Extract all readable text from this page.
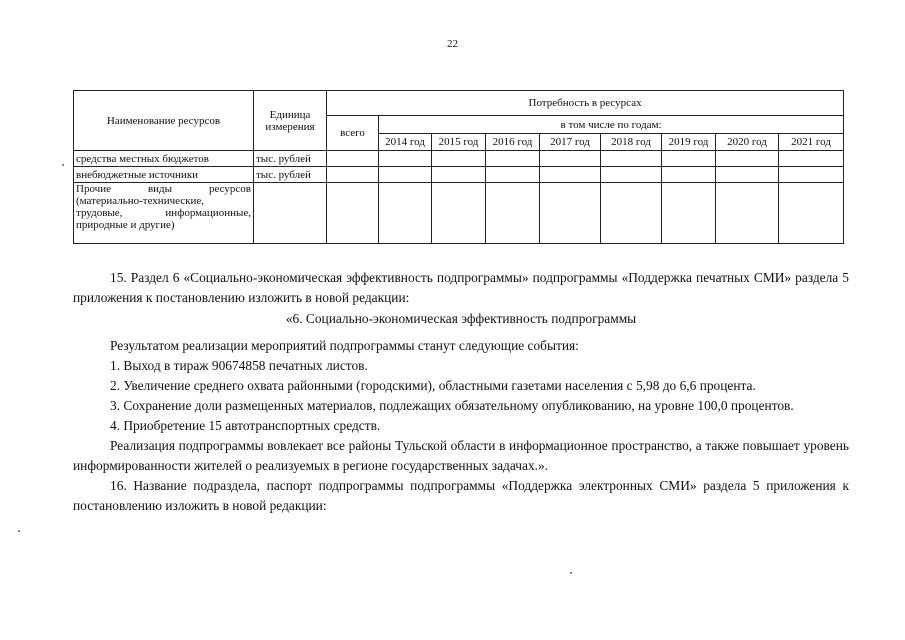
22
Наименование ресурсов	Единица измерения	Потребность в ресурсах								
		всего	в том числе по годам:							
			2014 год	2015 год	2016 год	2017 год	2018 год	2019 год	2020 год	2021 год
средства местных бюджетов	тыс. рублей									
внебюджетные источники	тыс. рублей									
Прочие виды ресурсов (материально-технические, трудовые, информационные, природные и другие)										

15. Раздел 6 «Социально-экономическая эффективность подпрограммы» подпрограммы «Поддержка печатных СМИ» раздела 5 приложения к постановлению изложить в новой редакции:

«6. Социально-экономическая эффективность подпрограммы

Результатом реализации мероприятий подпрограммы станут следующие события:

1. Выход в тираж 90674858 печатных листов.

2. Увеличение среднего охвата районными (городскими), областными газетами населения с 5,98 до 6,6 процента.

3. Сохранение доли размещенных материалов, подлежащих обязательному опубликованию, на уровне 100,0 процентов.

4. Приобретение 15 автотранспортных средств.

Реализация подпрограммы вовлекает все районы Тульской области в информационное пространство, а также повышает уровень информированности жителей о реализуемых в регионе государственных задачах.».

16. Название подраздела, паспорт подпрограммы подпрограммы «Поддержка электронных СМИ» раздела 5 приложения к постановлению изложить в новой редакции:
